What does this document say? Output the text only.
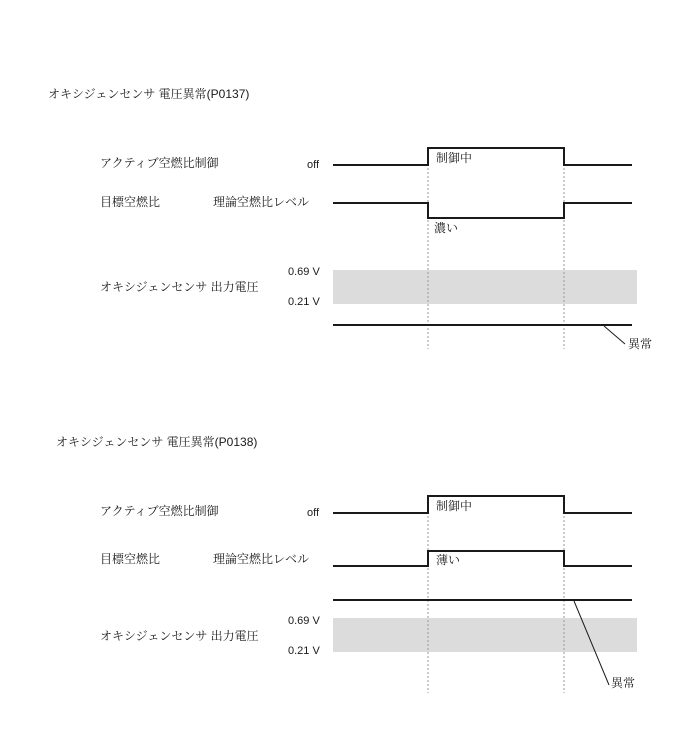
オキシジェンセンサ 電圧異常(P0137)
アクティブ空燃比制御	off	制御中
目標空燃比	理論空燃比レベル
濃い
オキシジェンセンサ 出力電圧
0.69 V
0.21 V
異常
オキシジェンセンサ 電圧異常(P0138)
アクティブ空燃比制御	off	制御中
目標空燃比	理論空燃比レベル	薄い
オキシジェンセンサ 出力電圧
0.69 V
0.21 V
異常
